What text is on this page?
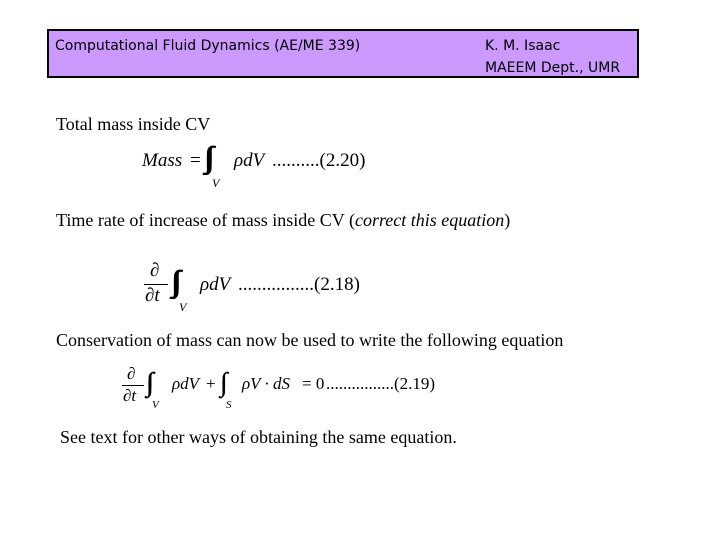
Computational Fluid Dynamics (AE/ME 339)	K. M. Isaac
MAEEM Dept., UMR
Total mass inside CV
Mass = ∫∫∫
V
ρdV ..........(2.20)
Time rate of increase of mass inside CV (correct this equation)
∂
∂t ∫∫∫
V
ρdV ................(2.18)
Conservation of mass can now be used to write the following equation
∂
∂t ∫∫∫
V
ρdV + ∫∫
S
ρV · dS = 0 ................(2.19)
See text for other ways of obtaining the same equation.
